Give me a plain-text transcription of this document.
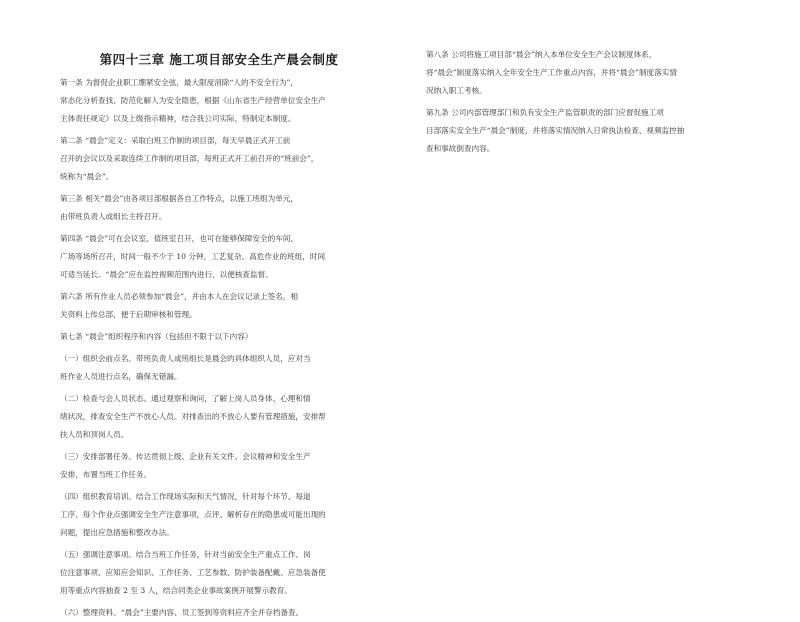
第四十三章 施工项目部安全生产晨会制度
第一条 为督促企业职工绷紧安全弦，最大限度消除“人的不安全行为”，
常态化分析查找、防范化解人为安全隐患，根据《山东省生产经营单位安全生产
主体责任规定》以及上级指示精神，结合我公司实际，特制定本制度。
第二条 “晨会”定义：采取白班工作制的项目部，每天早晨正式开工前
召开的会议以及采取连续工作制的项目部，每班正式开工前召开的“班前会”，
统称为“晨会”。
第三条 相关“晨会”由各项目部根据各自工作特点，以施工班组为单元，
由带班负责人或组长主持召开。
第四条 “晨会”可在会议室、值班室召开，也可在能够保障安全的车间、
广场等场所召开，时间一般不少于 10 分钟，工艺复杂、高危作业的班组，时间
可适当延长。“晨会”应在监控视频范围内进行，以便核查监督。
第六条 所有作业人员必须参加“晨会”，并由本人在会议记录上签名，相
关资料上传总部，便于后期审核和管理。
第七条 “晨会”组织程序和内容（包括但不限于以下内容）
（一）组织会前点名。带班负责人或班组长是晨会的具体组织人员，应对当
班作业人员进行点名，确保无错漏。
（二）检查与会人员状态。通过观察和询问，了解上岗人员身体、心理和情
绪状况，排查安全生产不放心人员。对排查出的不放心人要有管理措施，安排帮
扶人员和顶岗人员。
（三）安排部署任务。传达贯彻上级、企业有关文件、会议精神和安全生产
安排，布置当班工作任务。
（四）组织教育培训。结合工作现场实际和天气情况，针对每个环节、每道
工序、每个作业点强调安全生产注意事项，点评、解析存在的隐患或可能出现的
问题，提出应急措施和整改办法。
（五）强调注意事项。结合当班工作任务，针对当前安全生产重点工作、岗
位注意事项、应知应会知识、工作任务、工艺参数、防护装备配戴、应急装备使
用等重点内容抽查 2 至 3 人，结合同类企业事故案例开展警示教育。
（六）整理资料。“晨会”主要内容、员工签到等资料应齐全并存档备查。
第八条 公司将施工项目部“晨会”纳入本单位安全生产会议制度体系，
将“晨会”制度落实纳入全年安全生产工作重点内容，并将“晨会”制度落实情
况纳入职工考核。
第九条 公司内部管理部门和负有安全生产监管职责的部门应督促施工项
目部落实安全生产“晨会”制度，并将落实情况纳入日常执法检查、视频监控抽
查和事故倒查内容。
